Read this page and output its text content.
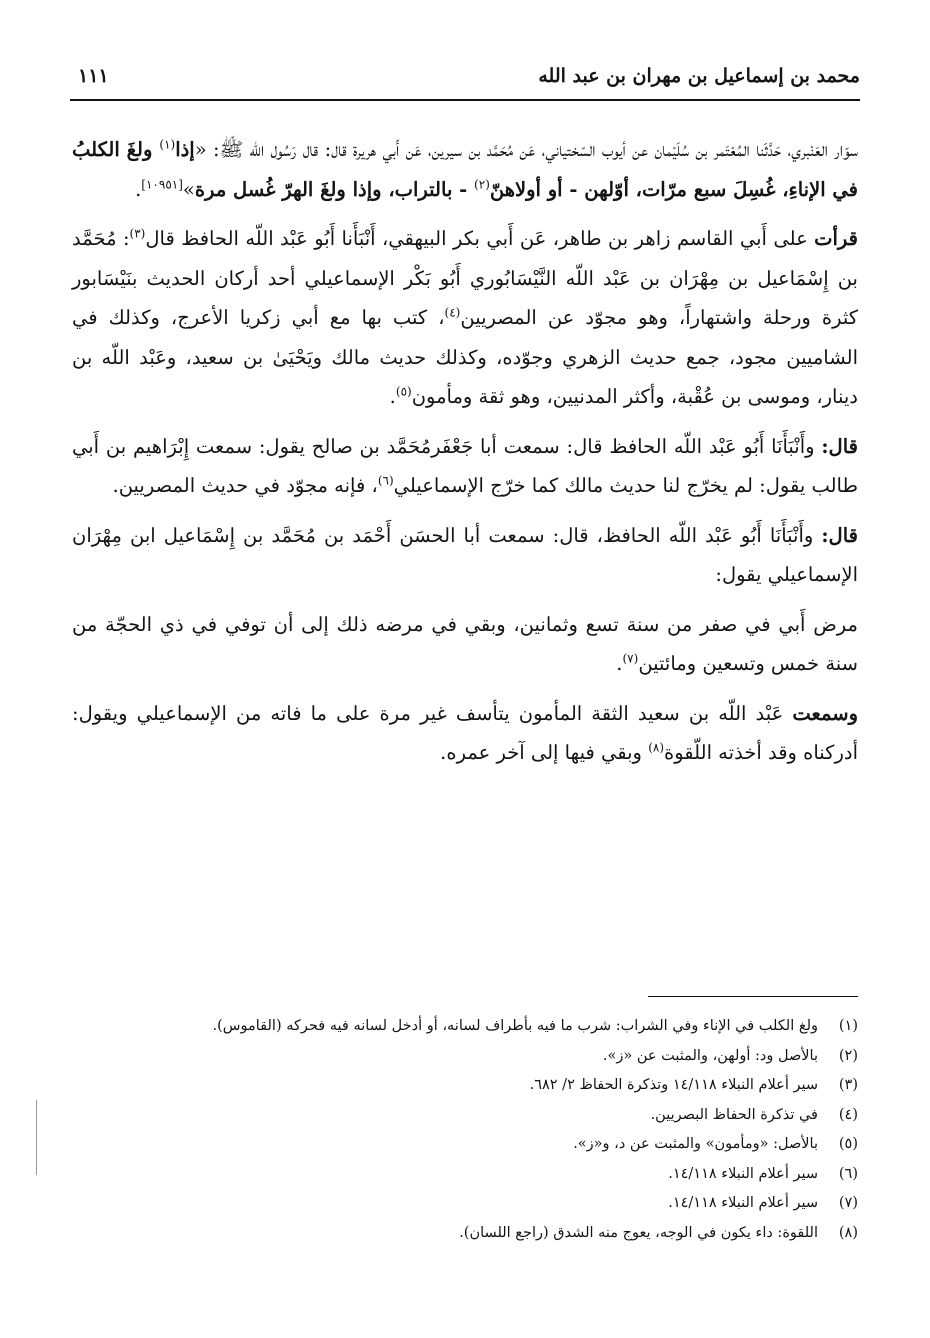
محمد بن إسماعيل بن مهران بن عبد الله
١١١

سوّار العَنْبري، حَدَّثَنا المُعْتَمر بن سُلَيْمان عن أيوب السّختياني، عَن مُحَمَّد بن سيرين، عَن أَبي هريرة قال: قال رَسُول الله ﷺ: «إذا$^{(١)}$ ولغَ الكلبُ في الإناءِ، غُسِلَ سبع مرّات، أوّلهن - أو أولاهنّ$^{(٢)}$ - بالتراب، وإذا ولغَ الهرّ غُسل مرة»[١٠٩٥١].

قرأت على أَبي القاسم زاهر بن طاهر، عَن أَبي بكر البيهقي، أَنْبَأَنا أَبُو عَبْد اللّه الحافظ قال$^{(٣)}$: مُحَمَّد بن إِسْمَاعيل بن مِهْرَان بن عَبْد اللّه النَّيْسَابُوري أَبُو بَكْر الإسماعيلي أحد أركان الحديث بنَيْسَابور كثرة ورحلة واشتهاراً، وهو مجوّد عن المصريين$^{(٤)}$، كتب بها مع أبي زكريا الأعرج، وكذلك في الشاميين مجود، جمع حديث الزهري وجوّده، وكذلك حديث مالك ويَحْيَىٰ بن سعيد، وعَبْد اللّه بن دينار، وموسى بن عُقْبة، وأكثر المدنيين، وهو ثقة ومأمون$^{(٥)}$.

قال: وأَنْبَأَنَا أَبُو عَبْد اللّه الحافظ قال: سمعت أبا جَعْفَرمُحَمَّد بن صالح يقول: سمعت إِبْرَاهيم بن أَبي طالب يقول: لم يخرّج لنا حديث مالك كما خرّج الإسماعيلي$^{(٦)}$، فإنه مجوّد في حديث المصريين.

قال: وأَنْبَأَنَا أَبُو عَبْد اللّه الحافظ، قال: سمعت أبا الحسَن أَحْمَد بن مُحَمَّد بن إِسْمَاعيل ابن مِهْرَان الإسماعيلي يقول:

مرض أَبي في صفر من سنة تسع وثمانين، وبقي في مرضه ذلك إلى أن توفي في ذي الحجّة من سنة خمس وتسعين ومائتين$^{(٧)}$.

وسمعت عَبْد اللّه بن سعيد الثقة المأمون يتأسف غير مرة على ما فاته من الإسماعيلي ويقول: أدركناه وقد أخذته اللّقوة$^{(٨)}$ وبقي فيها إلى آخر عمره.

(١)
ولغ الكلب في الإناء وفي الشراب: شرب ما فيه بأطراف لسانه، أو أدخل لسانه فيه فحركه (القاموس).
(٢)
بالأصل ود: أولهن، والمثبت عن «ز».
(٣)
سير أعلام النبلاء ١٤/١١٨ وتذكرة الحفاظ ٢/ ٦٨٢.
(٤)
في تذكرة الحفاظ البصريين.
(٥)
بالأصل: «ومأمون» والمثبت عن د، و«ز».
(٦)
سير أعلام النبلاء ١٤/١١٨.
(٧)
سير أعلام النبلاء ١٤/١١٨.
(٨)
اللقوة: داء يكون في الوجه، يعوج منه الشدق (راجع اللسان).
